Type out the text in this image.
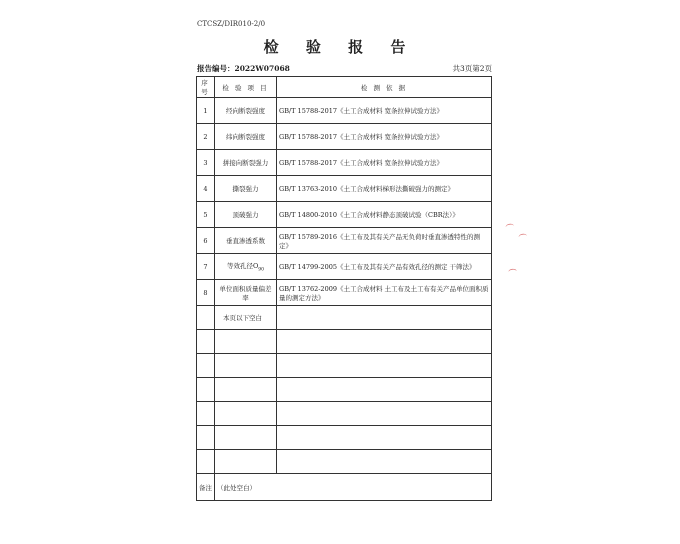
CTCSZ/DIR010-2/0
检 验 报 告
报告编号：2022W07068	共3页第2页
序号	检 验 项 目	检 测 依 据
1	经向断裂强度	GB/T 15788-2017《土工合成材料 宽条拉伸试验方法》
2	纬向断裂强度	GB/T 15788-2017《土工合成材料 宽条拉伸试验方法》
3	拼接向断裂强力	GB/T 15788-2017《土工合成材料 宽条拉伸试验方法》
4	撕裂强力	GB/T 13763-2010《土工合成材料梯形法撕破强力的测定》
5	顶破强力	GB/T 14800-2010《土工合成材料静态顶破试验（CBR法）》
6	垂直渗透系数	GB/T 15789-2016《土工布及其有关产品无负荷时垂直渗透特性的测定》
7	等效孔径$O_{90}$	GB/T 14799-2005《土工布及其有关产品有效孔径的测定 干筛法》
8	单位面积质量偏差率	GB/T 13762-2009《土工合成材料 土工布及土工布有关产品单位面积质量的测定方法》
	本页以下空白	

备注	（此处空白）	
(
(
(
